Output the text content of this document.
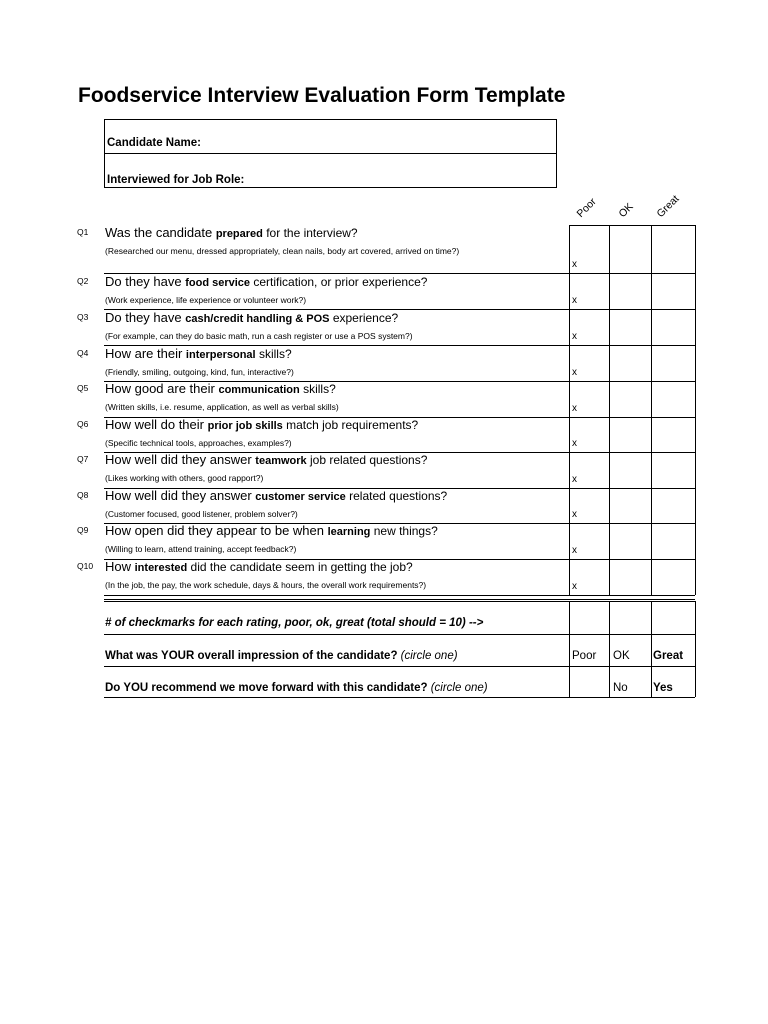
Foodservice Interview Evaluation Form Template
Candidate Name:
Interviewed for Job Role:
Poor OK Great
Q1 Was the candidate prepared for the interview?
(Researched our menu, dressed appropriately, clean nails, body art covered, arrived on time?)
Q2 Do they have food service certification, or prior experience?
(Work experience, life experience or volunteer work?)
Q3 Do they have cash/credit handling & POS experience?
(For example, can they do basic math, run a cash register or use a POS system?)
Q4 How are their interpersonal skills?
(Friendly, smiling, outgoing, kind, fun, interactive?)
Q5 How good are their communication skills?
(Written skills, i.e. resume, application, as well as verbal skills)
Q6 How well do their prior job skills match job requirements?
(Specific technical tools, approaches, examples?)
Q7 How well did they answer teamwork job related questions?
(Likes working with others, good rapport?)
Q8 How well did they answer customer service related questions?
(Customer focused, good listener, problem solver?)
Q9 How open did they appear to be when learning new things?
(Willing to learn, attend training, accept feedback?)
Q10 How interested did the candidate seem in getting the job?
(In the job, the pay, the work schedule, days & hours, the overall work requirements?)
x
x
x
x
x
x
x
x
x
x
# of checkmarks for each rating, poor, ok, great (total should = 10) -->
What was YOUR overall impression of the candidate? (circle one)	Poor OK Great
Do YOU recommend we move forward with this candidate? (circle one)	No Yes
